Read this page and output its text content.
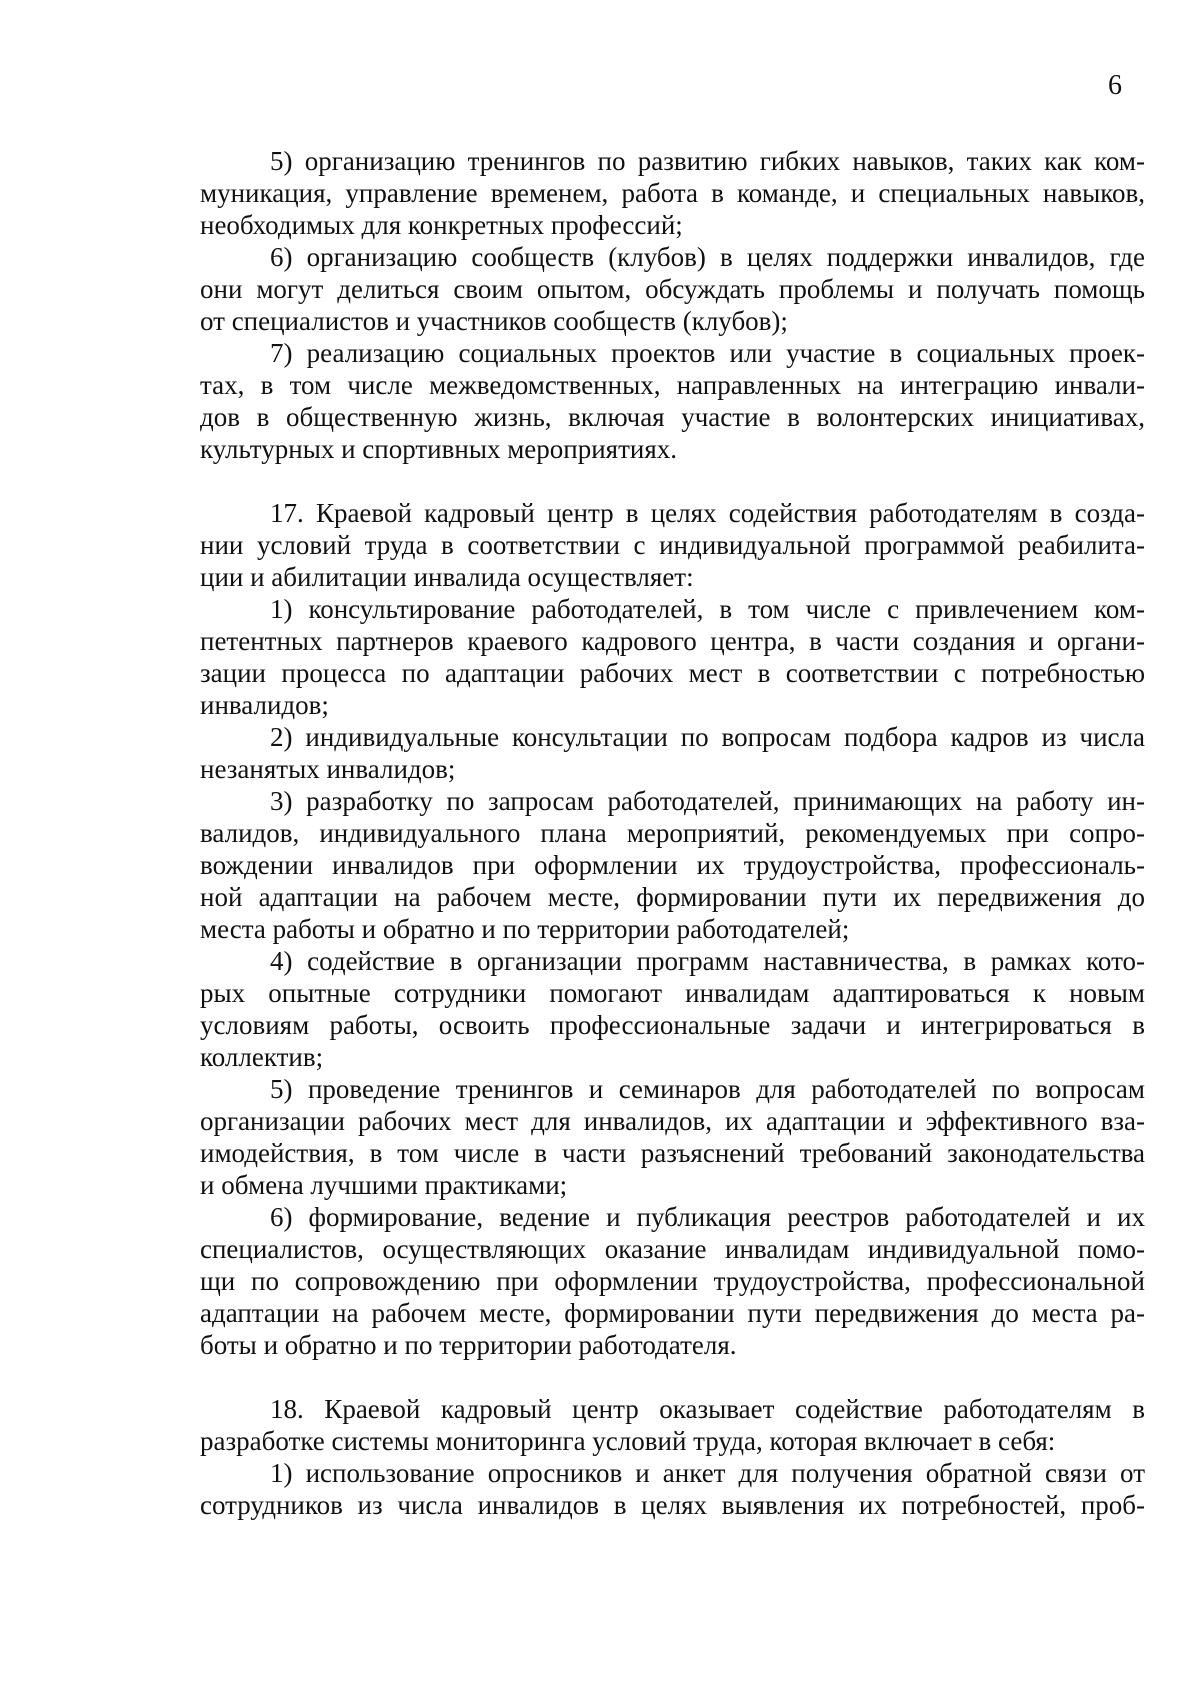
6

5) организацию тренингов по развитию гибких навыков, таких как ком-
муникация, управление временем, работа в команде, и специальных навыков,
необходимых для конкретных профессий;

6) организацию сообществ (клубов) в целях поддержки инвалидов, где
они могут делиться своим опытом, обсуждать проблемы и получать помощь
от специалистов и участников сообществ (клубов);

7) реализацию социальных проектов или участие в социальных проек-
тах, в том числе межведомственных, направленных на интеграцию инвали-
дов в общественную жизнь, включая участие в волонтерских инициативах,
культурных и спортивных мероприятиях.

17. Краевой кадровый центр в целях содействия работодателям в созда-
нии условий труда в соответствии с индивидуальной программой реабилита-
ции и абилитации инвалида осуществляет:

1) консультирование работодателей, в том числе с привлечением ком-
петентных партнеров краевого кадрового центра, в части создания и органи-
зации процесса по адаптации рабочих мест в соответствии с потребностью
инвалидов;

2) индивидуальные консультации по вопросам подбора кадров из числа
незанятых инвалидов;

3) разработку по запросам работодателей, принимающих на работу ин-
валидов, индивидуального плана мероприятий, рекомендуемых при сопро-
вождении инвалидов при оформлении их трудоустройства, профессиональ-
ной адаптации на рабочем месте, формировании пути их передвижения до
места работы и обратно и по территории работодателей;

4) содействие в организации программ наставничества, в рамках кото-
рых опытные сотрудники помогают инвалидам адаптироваться к новым
условиям работы, освоить профессиональные задачи и интегрироваться в
коллектив;

5) проведение тренингов и семинаров для работодателей по вопросам
организации рабочих мест для инвалидов, их адаптации и эффективного вза-
имодействия, в том числе в части разъяснений требований законодательства
и обмена лучшими практиками;

6) формирование, ведение и публикация реестров работодателей и их
специалистов, осуществляющих оказание инвалидам индивидуальной помо-
щи по сопровождению при оформлении трудоустройства, профессиональной
адаптации на рабочем месте, формировании пути передвижения до места ра-
боты и обратно и по территории работодателя.

18. Краевой кадровый центр оказывает содействие работодателям в
разработке системы мониторинга условий труда, которая включает в себя:

1) использование опросников и анкет для получения обратной связи от
сотрудников из числа инвалидов в целях выявления их потребностей, проб-
